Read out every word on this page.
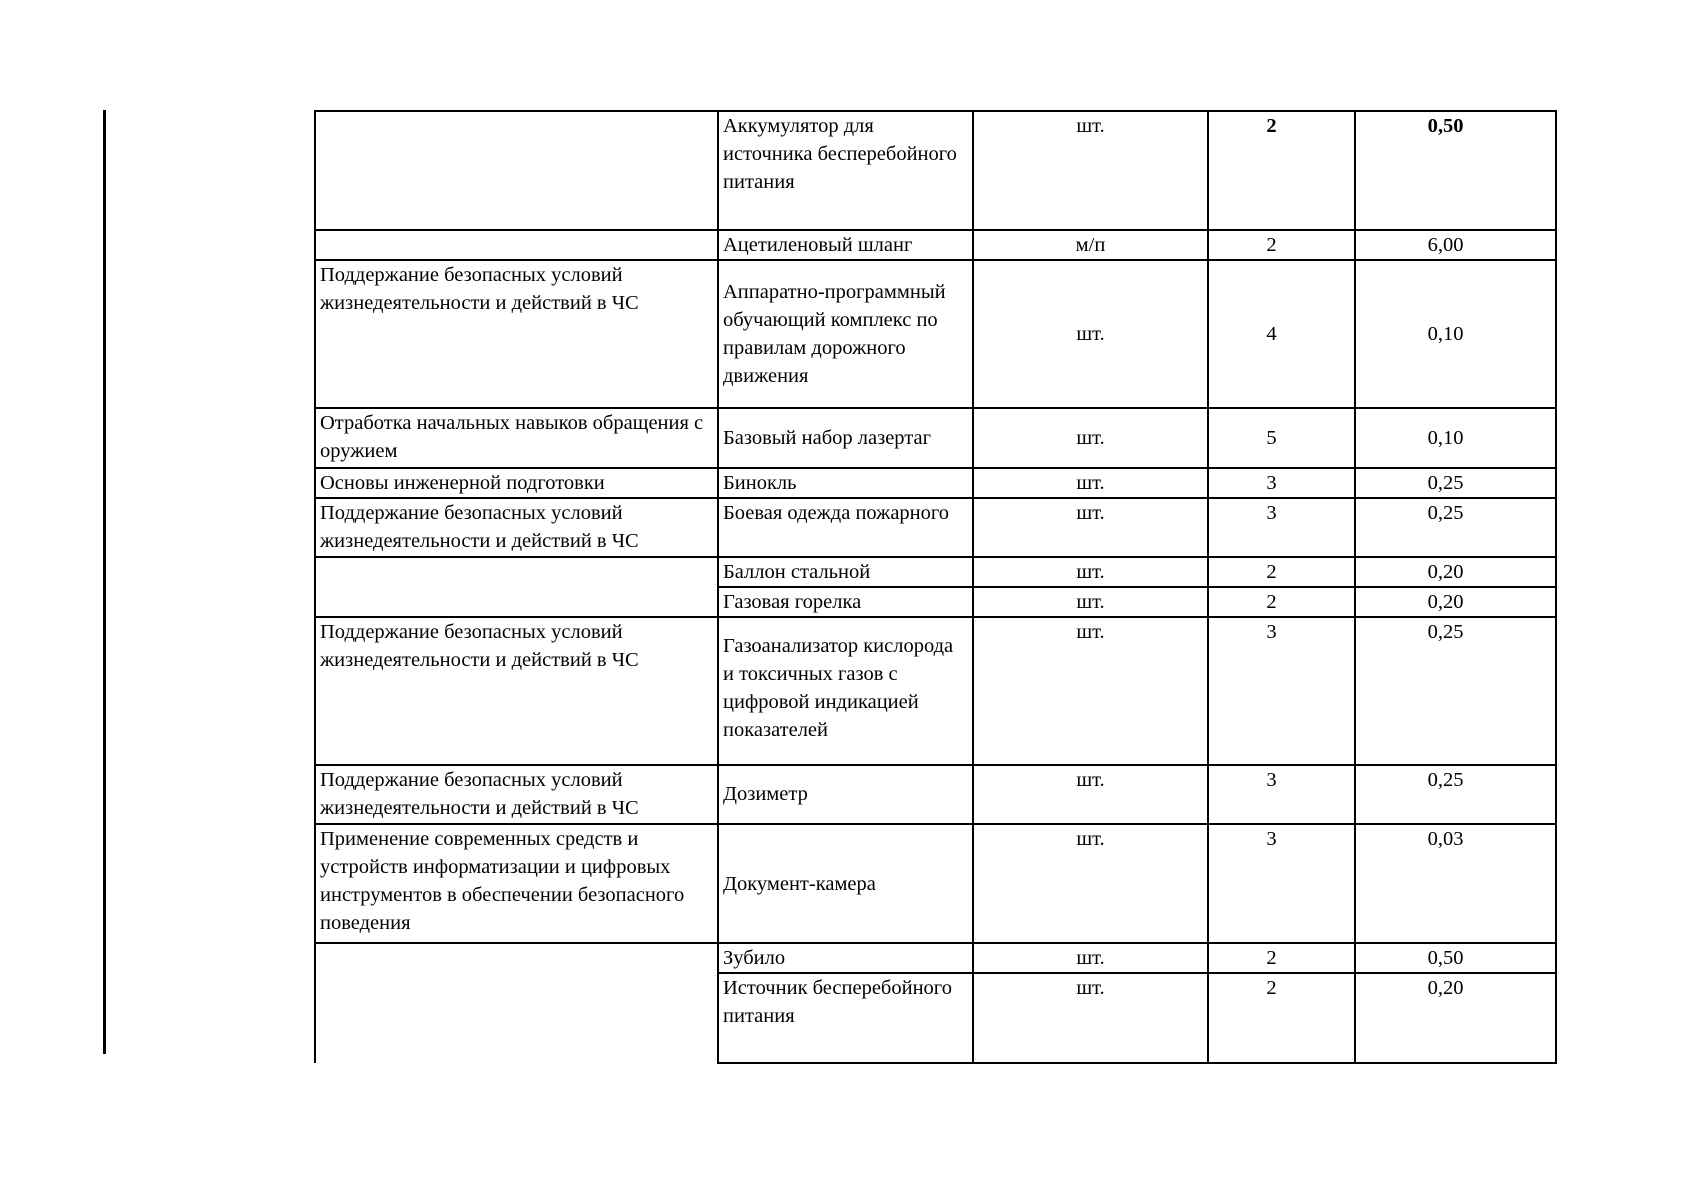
	Аккумулятор для источника бесперебойного питания	шт.	2	0,50
	Ацетиленовый шланг	м/п	2	6,00
Поддержание безопасных условий жизнедеятельности и действий в ЧС	Аппаратно-программный обучающий комплекс по правилам дорожного движения	шт.	4	0,10
Отработка начальных навыков обращения с оружием	Базовый набор лазертаг	шт.	5	0,10
Основы инженерной подготовки	Бинокль	шт.	3	0,25
Поддержание безопасных условий жизнедеятельности и действий в ЧС	Боевая одежда пожарного	шт.	3	0,25
	Баллон стальной	шт.	2	0,20
	Газовая горелка	шт.	2	0,20
Поддержание безопасных условий жизнедеятельности и действий в ЧС	Газоанализатор кислорода и токсичных газов с цифровой индикацией показателей	шт.	3	0,25
Поддержание безопасных условий жизнедеятельности и действий в ЧС	Дозиметр	шт.	3	0,25
Применение современных средств и устройств информатизации и цифровых инструментов в обеспечении безопасного поведения	Документ-камера	шт.	3	0,03
	Зубило	шт.	2	0,50
	Источник бесперебойного питания	шт.	2	0,20
